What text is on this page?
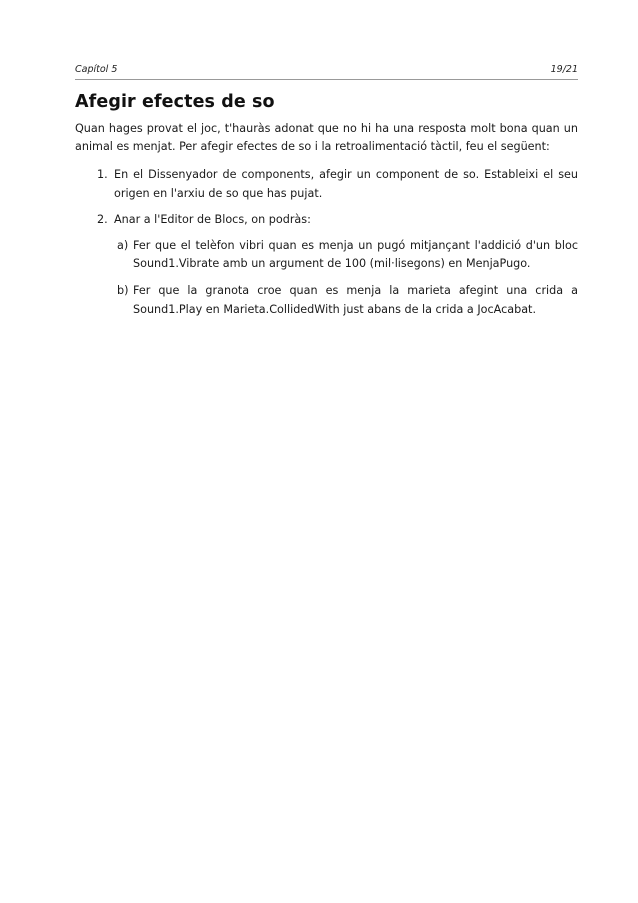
Capítol 5	19/21
Afegir efectes de so

Quan hages provat el joc, t'hauràs adonat que no hi ha una resposta molt bona quan un animal es menjat. Per afegir efectes de so i la retroalimentació tàctil, feu el següent:

1. En el Dissenyador de components, afegir un component de so. Estableixi el seu origen en l'arxiu de so que has pujat.
2. Anar a l'Editor de Blocs, on podràs:
a) Fer que el telèfon vibri quan es menja un pugó mitjançant l'addició d'un bloc Sound1.Vibrate amb un argument de 100 (mil·lisegons) en MenjaPugo.
b) Fer que la granota croe quan es menja la marieta afegint una crida a Sound1.Play en Marieta.CollidedWith just abans de la crida a JocAcabat.
